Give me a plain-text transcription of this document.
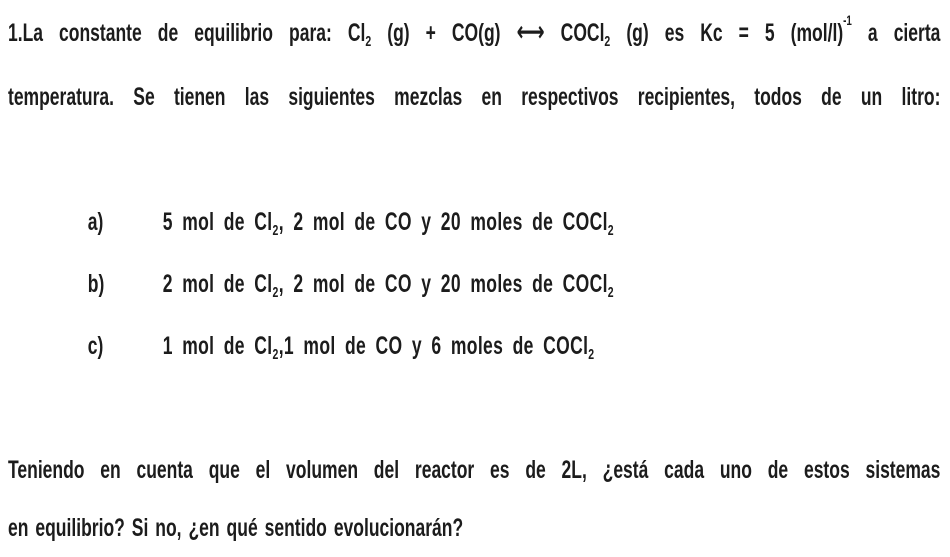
1.La constante de equilibrio para: $Cl_2$ (g) + CO(g) ⟷ COCl$_2$ (g) es Kc = 5 $(mol/l)^{-1}$ a cierta
temperatura. Se tienen las siguientes mezclas en respectivos recipientes, todos de un litro:
a) 5 mol de $Cl_2$, 2 mol de CO y 20 moles de COCl$_2$
b) 2 mol de $Cl_2$, 2 mol de CO y 20 moles de COCl$_2$
c) 1 mol de $Cl_2,1$ mol de CO y 6 moles de COCl$_2$
Teniendo en cuenta que el volumen del reactor es de 2L, ¿está cada uno de estos sistemas
en equilibrio? Si no, ¿en qué sentido evolucionarán?
